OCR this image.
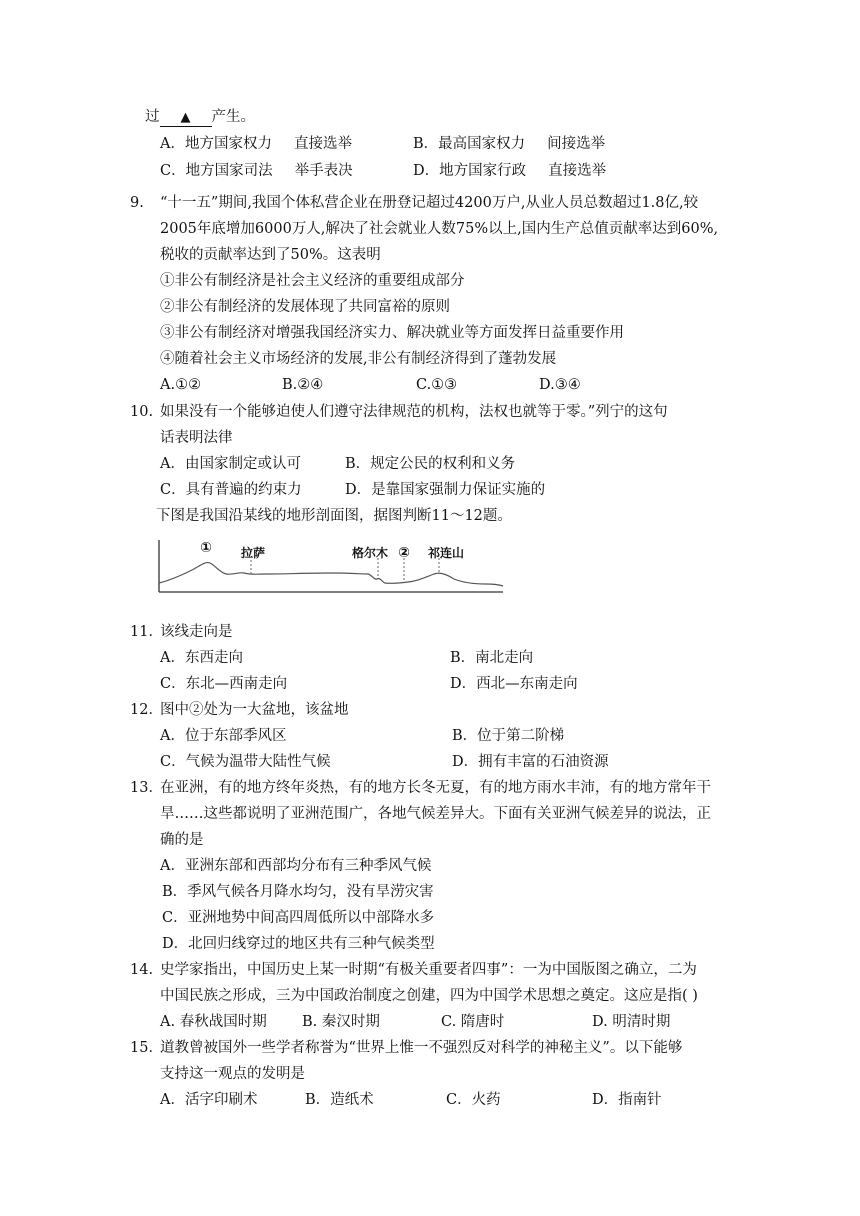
过 ▲ 产生。
A．地方国家权力 直接选举	B．最高国家权力 间接选举
C．地方国家司法 举手表决	D．地方国家行政 直接选举
9. “十一五”期间,我国个体私营企业在册登记超过4200万户,从业人员总数超过1.8亿,较
2005年底增加6000万人,解决了社会就业人数75%以上,国内生产总值贡献率达到60%,
税收的贡献率达到了50%。这表明
①非公有制经济是社会主义经济的重要组成部分
②非公有制经济的发展体现了共同富裕的原则
③非公有制经济对增强我国经济实力、解决就业等方面发挥日益重要作用
④随着社会主义市场经济的发展,非公有制经济得到了蓬勃发展
A.①②	B.②④	C.①③	D.③④
10. 如果没有一个能够迫使人们遵守法律规范的机构，法权也就等于零。”列宁的这句
话表明法律
A．由国家制定或认可	B．规定公民的权利和义务
C．具有普遍的约束力	D．是靠国家强制力保证实施的
下图是我国沿某线的地形剖面图，据图判断11～12题。
① 拉萨	格尔木 ② 祁连山
11．
该线走向是
A．东西走向	B．南北走向
C．东北—西南走向	D．西北—东南走向
12．
图中②处为一大盆地，该盆地
A．位于东部季风区	B．位于第二阶梯
C．气候为温带大陆性气候	D．拥有丰富的石油资源
13．
在亚洲，有的地方终年炎热，有的地方长冬无夏，有的地方雨水丰沛，有的地方常年干
旱……这些都说明了亚洲范围广，各地气候差异大。下面有关亚洲气候差异的说法，正
确的是
A．亚洲东部和西部均分布有三种季风气候
B．季风气候各月降水均匀，没有旱涝灾害
C．亚洲地势中间高四周低所以中部降水多
D．北回归线穿过的地区共有三种气候类型
14. 史学家指出，中国历史上某一时期“有极关重要者四事”：一为中国版图之确立，二为
中国民族之形成，三为中国政治制度之创建，四为中国学术思想之奠定。这应是指( )
A. 春秋战国时期 B. 秦汉时期	C. 隋唐时	D. 明清时期
15．
道教曾被国外一些学者称誉为“世界上惟一不强烈反对科学的神秘主义”。以下能够
支持这一观点的发明是
A．活字印刷术	B．造纸术	C．火药	D．指南针
